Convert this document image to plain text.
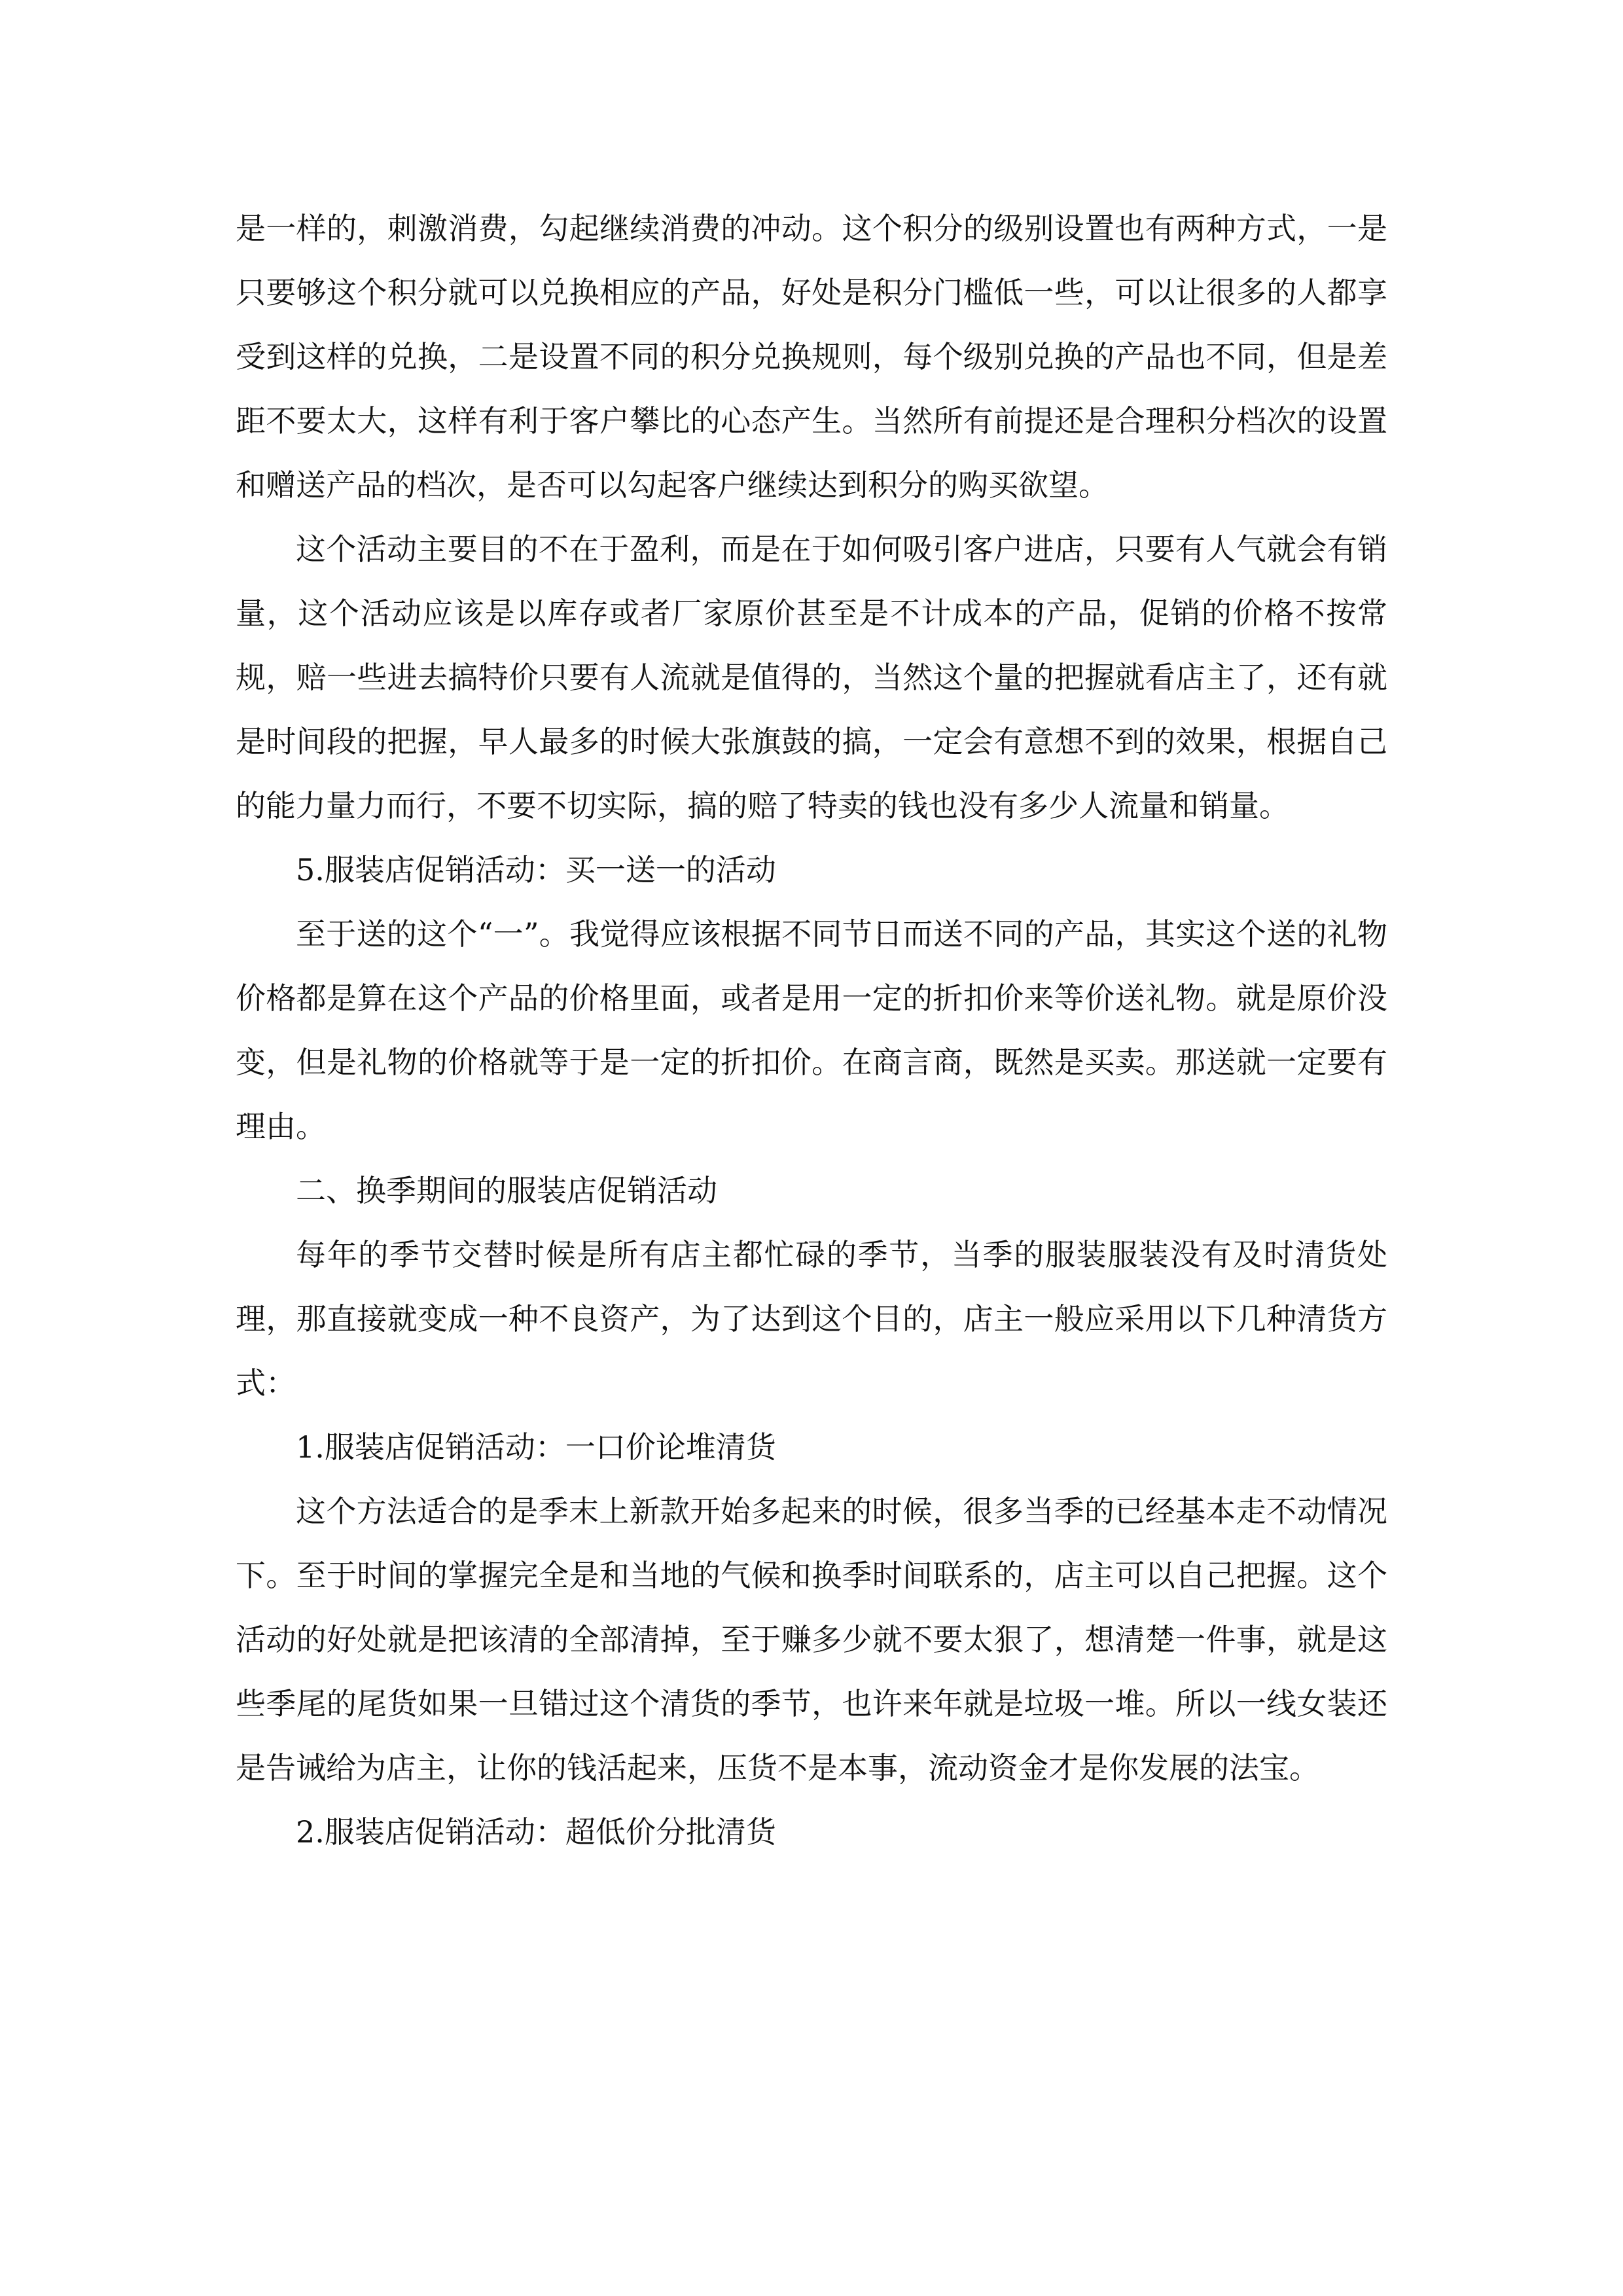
是一样的，刺激消费，勾起继续消费的冲动。这个积分的级别设置也有两种方式，一是只要够这个积分就可以兑换相应的产品，好处是积分门槛低一些，可以让很多的人都享受到这样的兑换，二是设置不同的积分兑换规则，每个级别兑换的产品也不同，但是差距不要太大，这样有利于客户攀比的心态产生。当然所有前提还是合理积分档次的设置和赠送产品的档次，是否可以勾起客户继续达到积分的购买欲望。

这个活动主要目的不在于盈利，而是在于如何吸引客户进店，只要有人气就会有销量，这个活动应该是以库存或者厂家原价甚至是不计成本的产品，促销的价格不按常规，赔一些进去搞特价只要有人流就是值得的，当然这个量的把握就看店主了，还有就是时间段的把握，早人最多的时候大张旗鼓的搞，一定会有意想不到的效果，根据自己的能力量力而行，不要不切实际，搞的赔了特卖的钱也没有多少人流量和销量。

5.服装店促销活动：买一送一的活动

至于送的这个“一”。我觉得应该根据不同节日而送不同的产品，其实这个送的礼物价格都是算在这个产品的价格里面，或者是用一定的折扣价来等价送礼物。就是原价没变，但是礼物的价格就等于是一定的折扣价。在商言商，既然是买卖。那送就一定要有理由。

二、换季期间的服装店促销活动

每年的季节交替时候是所有店主都忙碌的季节，当季的服装服装没有及时清货处理，那直接就变成一种不良资产，为了达到这个目的，店主一般应采用以下几种清货方式：

1.服装店促销活动：一口价论堆清货

这个方法适合的是季末上新款开始多起来的时候，很多当季的已经基本走不动情况下。至于时间的掌握完全是和当地的气候和换季时间联系的，店主可以自己把握。这个活动的好处就是把该清的全部清掉，至于赚多少就不要太狠了，想清楚一件事，就是这些季尾的尾货如果一旦错过这个清货的季节，也许来年就是垃圾一堆。所以一线女装还是告诫给为店主，让你的钱活起来，压货不是本事，流动资金才是你发展的法宝。

2.服装店促销活动：超低价分批清货
